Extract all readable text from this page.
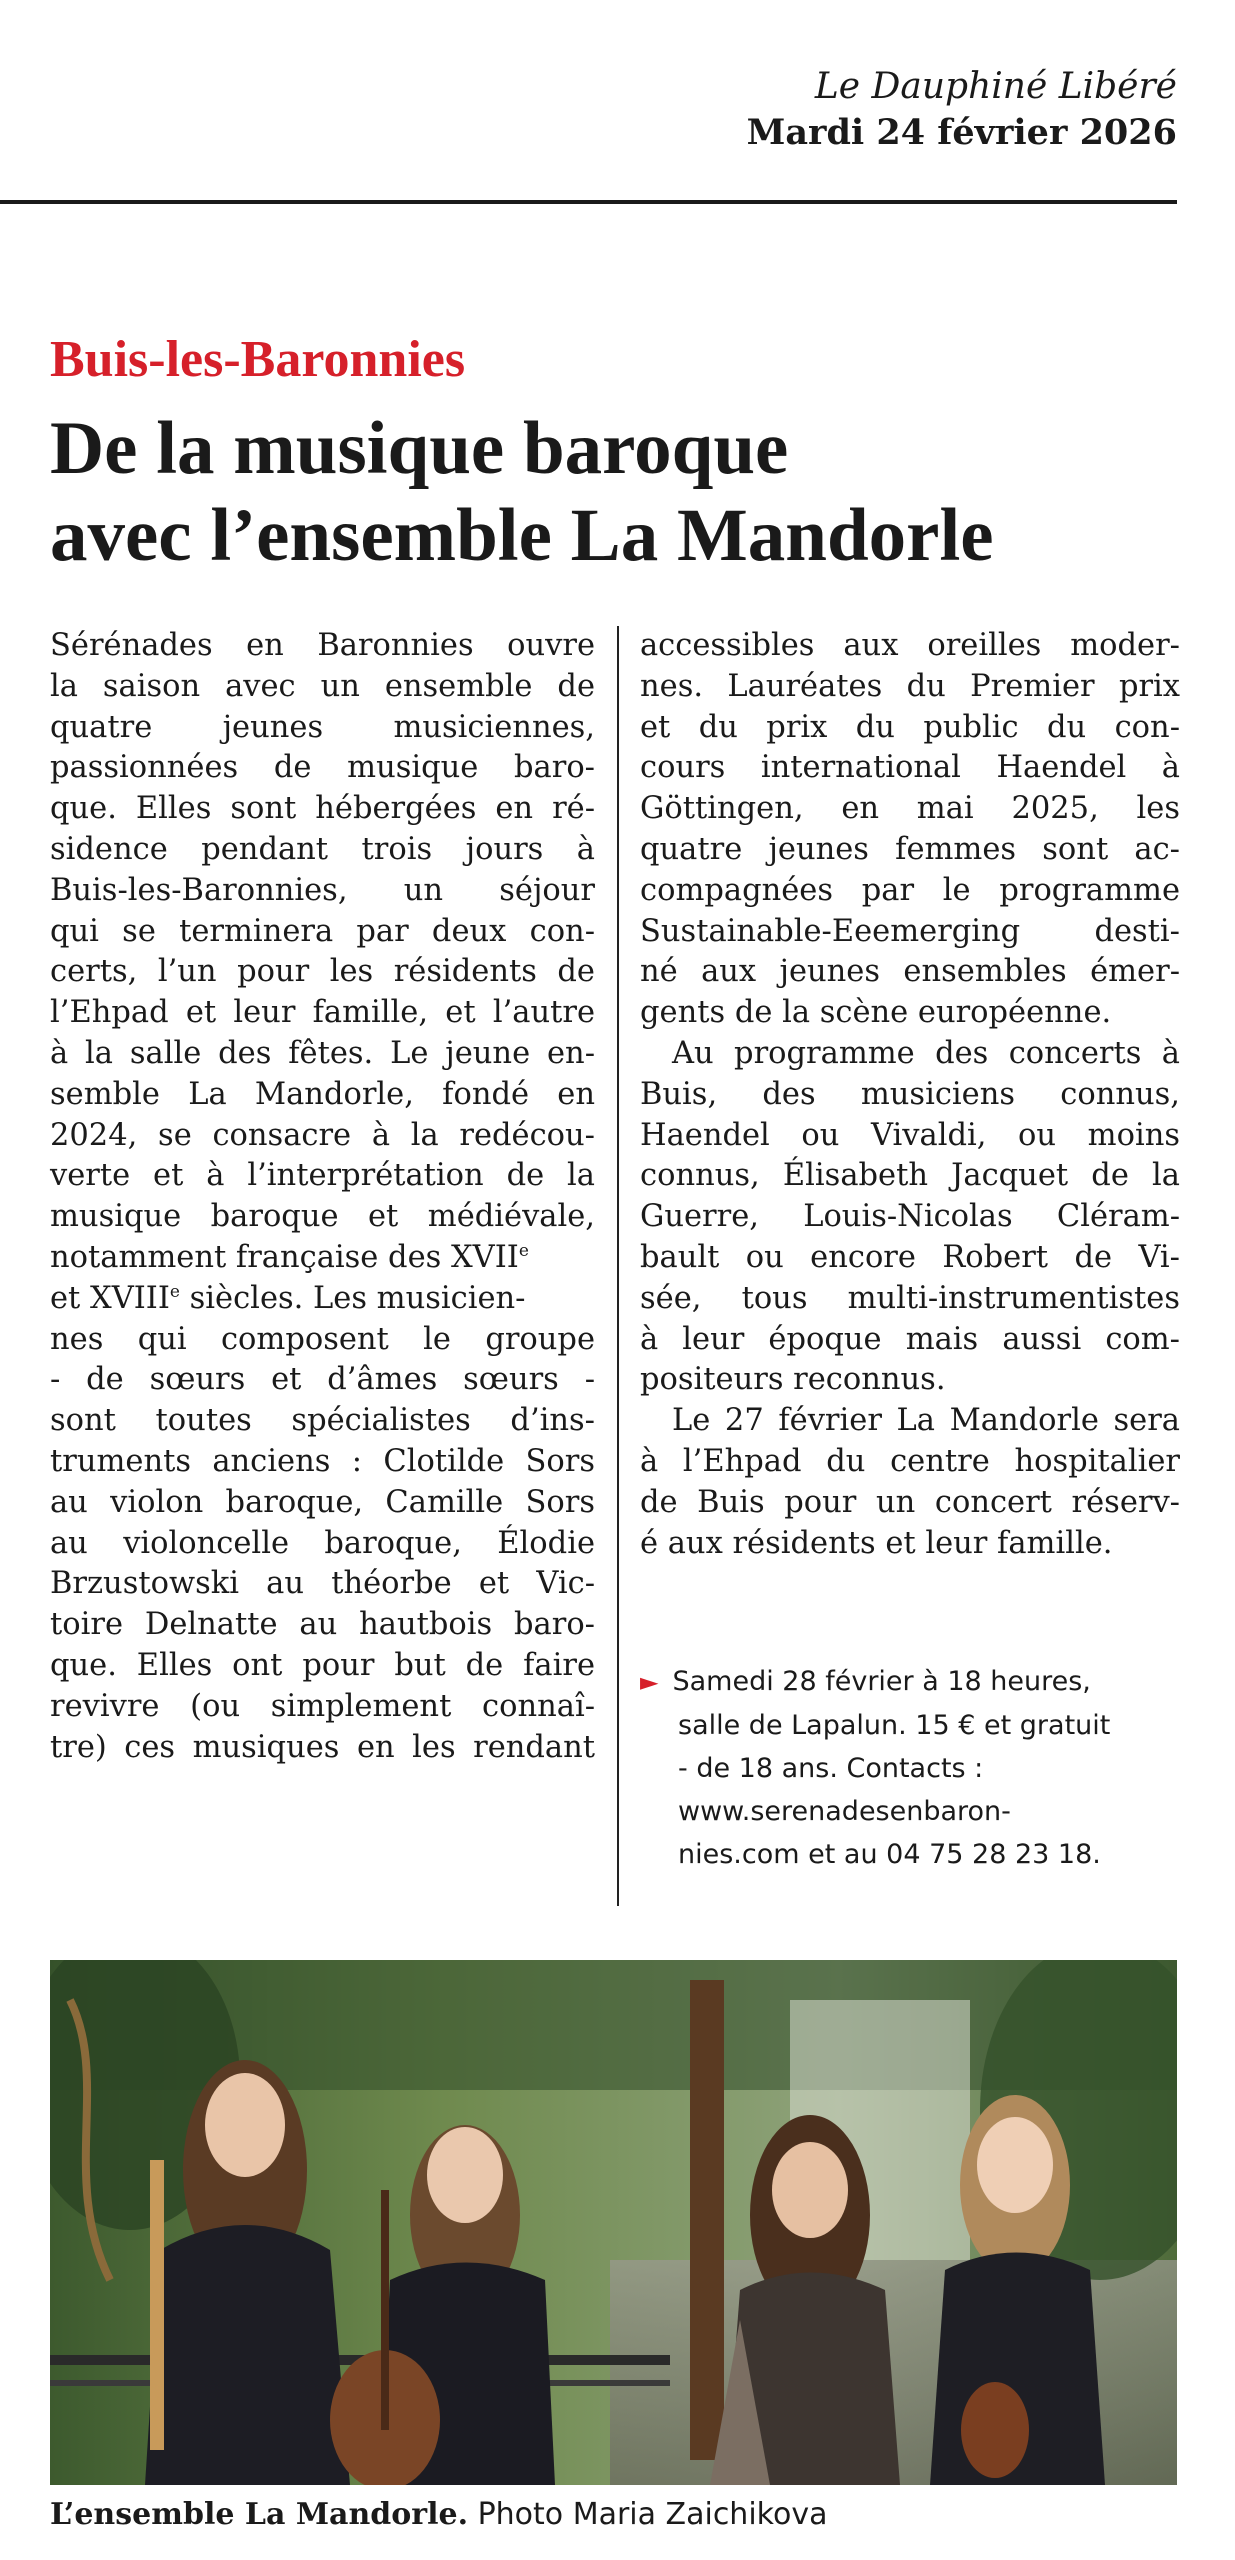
Le Dauphiné Libéré
Mardi 24 février 2026
Buis-les-Baronnies
De la musique baroque
avec l’ensemble La Mandorle
Sérénades en Baronnies ouvre
la saison avec un ensemble de
quatre jeunes musiciennes,
passionnées de musique baro-
que. Elles sont hébergées en ré-
sidence pendant trois jours à
Buis-les-Baronnies, un séjour
qui se terminera par deux con-
certs, l’un pour les résidents de
l’Ehpad et leur famille, et l’autre
à la salle des fêtes. Le jeune en-
semble La Mandorle, fondé en
2024, se consacre à la redécou-
verte et à l’interprétation de la
musique baroque et médiévale,
notamment française des XVIIe
et XVIIIe siècles. Les musicien-
nes qui composent le groupe
- de sœurs et d’âmes sœurs -
sont toutes spécialistes d’ins-
truments anciens : Clotilde Sors
au violon baroque, Camille Sors
au violoncelle baroque, Élodie
Brzustowski au théorbe et Vic-
toire Delnatte au hautbois baro-
que. Elles ont pour but de faire
revivre (ou simplement connaî-
tre) ces musiques en les rendant
accessibles aux oreilles moder-
nes. Lauréates du Premier prix
et du prix du public du con-
cours international Haendel à
Göttingen, en mai 2025, les
quatre jeunes femmes sont ac-
compagnées par le programme
Sustainable-Eeemerging desti-
né aux jeunes ensembles émer-
gents de la scène européenne.
Au programme des concerts à
Buis, des musiciens connus,
Haendel ou Vivaldi, ou moins
connus, Élisabeth Jacquet de la
Guerre, Louis-Nicolas Cléram-
bault ou encore Robert de Vi-
sée, tous multi-instrumentistes
à leur époque mais aussi com-
positeurs reconnus.
Le 27 février La Mandorle sera
à l’Ehpad du centre hospitalier
de Buis pour un concert réserv-
é aux résidents et leur famille.
► Samedi 28 février à 18 heures,
salle de Lapalun. 15 € et gratuit
- de 18 ans. Contacts :
www.serenadesenbaron-
nies.com et au 04 75 28 23 18.
L’ensemble La Mandorle. Photo Maria Zaichikova
